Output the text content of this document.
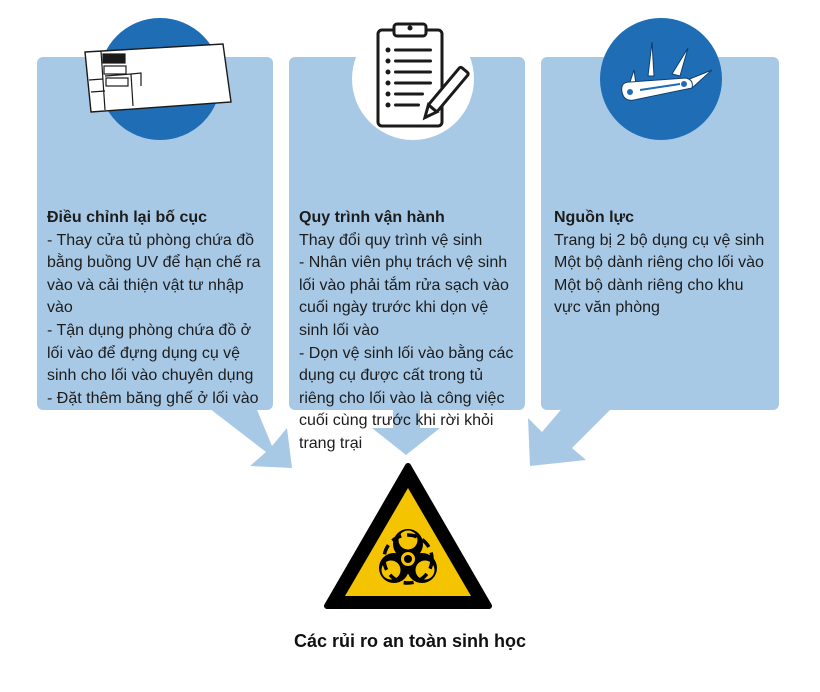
Điều chỉnh lại bố cục
- Thay cửa tủ phòng chứa đồ bằng buồng UV để hạn chế ra vào và cải thiện vật tư nhập vào
- Tận dụng phòng chứa đồ ở lối vào để đựng dụng cụ vệ sinh cho lối vào chuyên dụng
- Đặt thêm băng ghế ở lối vào
Quy trình vận hành
Thay đổi quy trình vệ sinh
- Nhân viên phụ trách vệ sinh lối vào phải tắm rửa sạch vào cuối ngày trước khi dọn vệ sinh lối vào
- Dọn vệ sinh lối vào bằng các dụng cụ được cất trong tủ riêng cho lối vào là công việc cuối cùng trước khi rời khỏi trang trại
Nguồn lực
Trang bị 2 bộ dụng cụ vệ sinh
Một bộ dành riêng cho lối vào
Một bộ dành riêng cho khu vực văn phòng
Các rủi ro an toàn sinh học
